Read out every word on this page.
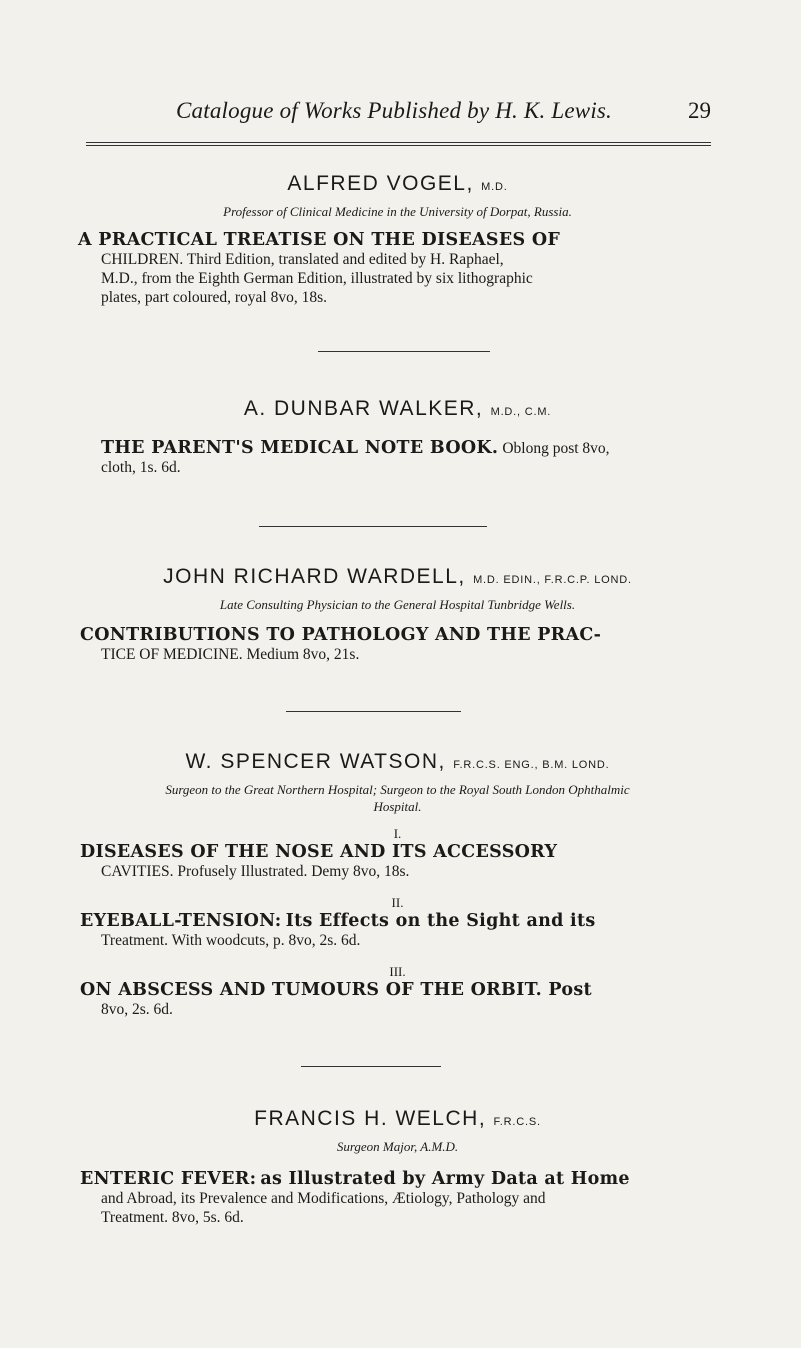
Catalogue of Works Published by H. K. Lewis.	29
ALFRED VOGEL, M.D.
Professor of Clinical Medicine in the University of Dorpat, Russia.
A PRACTICAL TREATISE ON THE DISEASES OF
CHILDREN. Third Edition, translated and edited by H. Raphael,
M.D., from the Eighth German Edition, illustrated by six lithographic
plates, part coloured, royal 8vo, 18s.
A. DUNBAR WALKER, M.D., C.M.
THE PARENT'S MEDICAL NOTE BOOK. Oblong post 8vo,
cloth, 1s. 6d.
JOHN RICHARD WARDELL, M.D. EDIN., F.R.C.P. LOND.
Late Consulting Physician to the General Hospital Tunbridge Wells.
CONTRIBUTIONS TO PATHOLOGY AND THE PRAC-
TICE OF MEDICINE. Medium 8vo, 21s.
W. SPENCER WATSON, F.R.C.S. ENG., B.M. LOND.
Surgeon to the Great Northern Hospital; Surgeon to the Royal South London Ophthalmic
Hospital.
I.
DISEASES OF THE NOSE AND ITS ACCESSORY
CAVITIES. Profusely Illustrated. Demy 8vo, 18s.
II.
EYEBALL-TENSION: Its Effects on the Sight and its
Treatment. With woodcuts, p. 8vo, 2s. 6d.
III.
ON ABSCESS AND TUMOURS OF THE ORBIT. Post
8vo, 2s. 6d.
FRANCIS H. WELCH, F.R.C.S.
Surgeon Major, A.M.D.
ENTERIC FEVER: as Illustrated by Army Data at Home
and Abroad, its Prevalence and Modifications, Ætiology, Pathology and
Treatment. 8vo, 5s. 6d.
